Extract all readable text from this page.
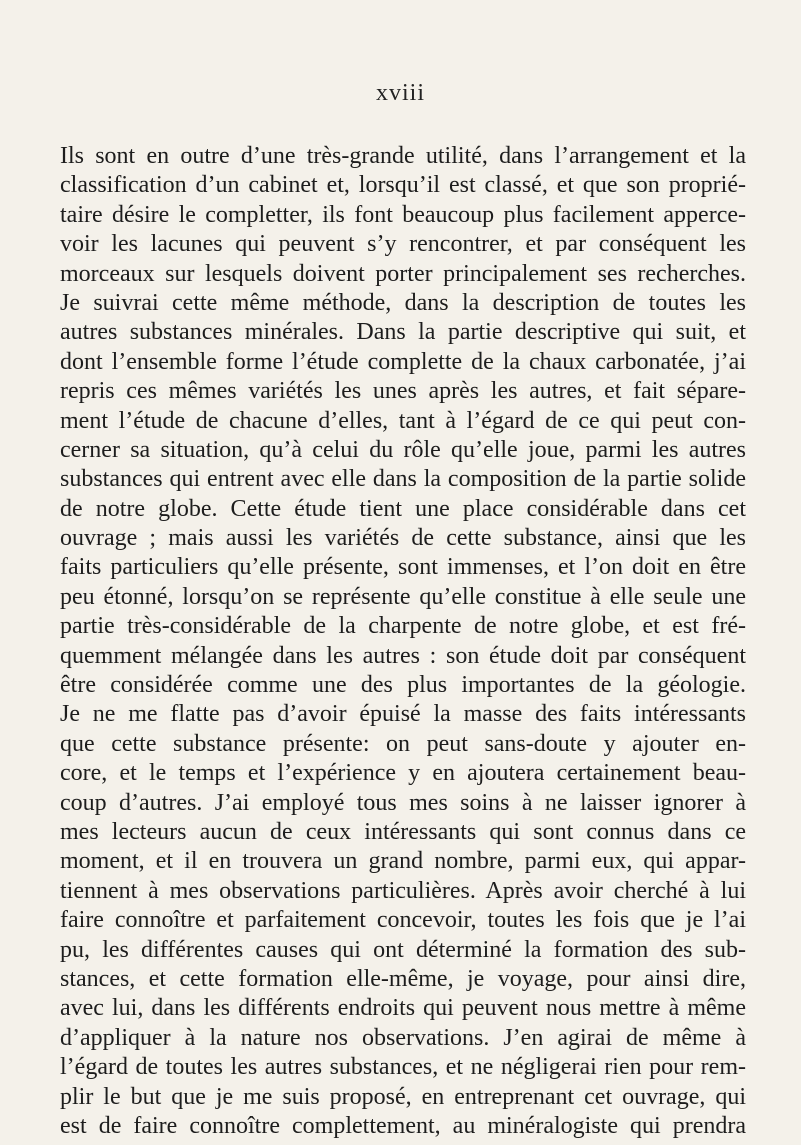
xviii
Ils sont en outre d’une très-grande utilité, dans l’arrangement et la
classification d’un cabinet et, lorsqu’il est classé, et que son proprié-
taire désire le completter, ils font beaucoup plus facilement apperce-
voir les lacunes qui peuvent s’y rencontrer, et par conséquent les
morceaux sur lesquels doivent porter principalement ses recherches.
Je suivrai cette même méthode, dans la description de toutes les
autres substances minérales. Dans la partie descriptive qui suit, et
dont l’ensemble forme l’étude complette de la chaux carbonatée, j’ai
repris ces mêmes variétés les unes après les autres, et fait sépare-
ment l’étude de chacune d’elles, tant à l’égard de ce qui peut con-
cerner sa situation, qu’à celui du rôle qu’elle joue, parmi les autres
substances qui entrent avec elle dans la composition de la partie solide
de notre globe. Cette étude tient une place considérable dans cet
ouvrage ; mais aussi les variétés de cette substance, ainsi que les
faits particuliers qu’elle présente, sont immenses, et l’on doit en être
peu étonné, lorsqu’on se représente qu’elle constitue à elle seule une
partie très-considérable de la charpente de notre globe, et est fré-
quemment mélangée dans les autres : son étude doit par conséquent
être considérée comme une des plus importantes de la géologie.
Je ne me flatte pas d’avoir épuisé la masse des faits intéressants
que cette substance présente: on peut sans-doute y ajouter en-
core, et le temps et l’expérience y en ajoutera certainement beau-
coup d’autres. J’ai employé tous mes soins à ne laisser ignorer à
mes lecteurs aucun de ceux intéressants qui sont connus dans ce
moment, et il en trouvera un grand nombre, parmi eux, qui appar-
tiennent à mes observations particulières. Après avoir cherché à lui
faire connoître et parfaitement concevoir, toutes les fois que je l’ai
pu, les différentes causes qui ont déterminé la formation des sub-
stances, et cette formation elle-même, je voyage, pour ainsi dire,
avec lui, dans les différents endroits qui peuvent nous mettre à même
d’appliquer à la nature nos observations. J’en agirai de même à
l’égard de toutes les autres substances, et ne négligerai rien pour rem-
plir le but que je me suis proposé, en entreprenant cet ouvrage, qui
est de faire connoître complettement, au minéralogiste qui prendra
